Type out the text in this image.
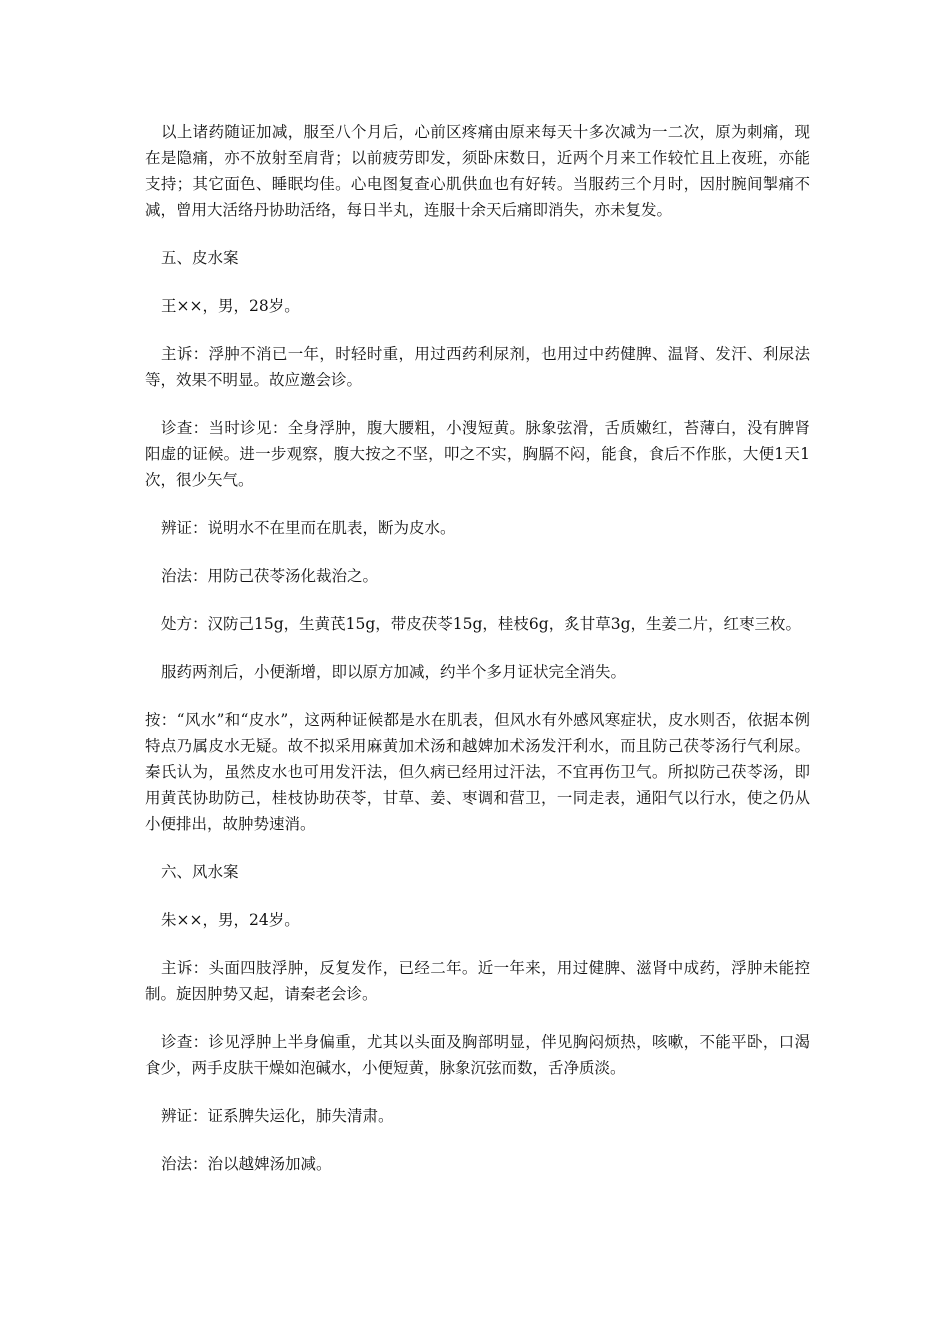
以上诸药随证加减，服至八个月后，心前区疼痛由原来每天十多次减为一二次，原为刺痛，现在是隐痛，亦不放射至肩背；以前疲劳即发，须卧床数日，近两个月来工作较忙且上夜班，亦能支持；其它面色、睡眠均佳。心电图复查心肌供血也有好转。当服药三个月时，因肘腕间掣痛不减，曾用大活络丹协助活络，每日半丸，连服十余天后痛即消失，亦未复发。

五、皮水案

王××，男，28岁。

主诉：浮肿不消已一年，时轻时重，用过西药利尿剂，也用过中药健脾、温肾、发汗、利尿法等，效果不明显。故应邀会诊。

诊查：当时诊见：全身浮肿，腹大腰粗，小溲短黄。脉象弦滑，舌质嫩红，苔薄白，没有脾肾阳虚的证候。进一步观察，腹大按之不坚，叩之不实，胸膈不闷，能食，食后不作胀，大便1天1次，很少矢气。

辨证：说明水不在里而在肌表，断为皮水。

治法：用防己茯苓汤化裁治之。

处方：汉防己15g，生黄芪15g，带皮茯苓15g，桂枝6g，炙甘草3g，生姜二片，红枣三枚。

服药两剂后，小便渐增，即以原方加减，约半个多月证状完全消失。

按：“风水”和“皮水”，这两种证候都是水在肌表，但风水有外感风寒症状，皮水则否，依据本例特点乃属皮水无疑。故不拟采用麻黄加术汤和越婢加术汤发汗利水，而且防己茯苓汤行气利尿。秦氏认为，虽然皮水也可用发汗法，但久病已经用过汗法，不宜再伤卫气。所拟防己茯苓汤，即用黄芪协助防己，桂枝协助茯苓，甘草、姜、枣调和营卫，一同走表，通阳气以行水，使之仍从小便排出，故肿势速消。

六、风水案

朱××，男，24岁。

主诉：头面四肢浮肿，反复发作，已经二年。近一年来，用过健脾、滋肾中成药，浮肿未能控制。旋因肿势又起，请秦老会诊。

诊查：诊见浮肿上半身偏重，尤其以头面及胸部明显，伴见胸闷烦热，咳嗽，不能平卧，口渴食少，两手皮肤干燥如泡碱水，小便短黄，脉象沉弦而数，舌净质淡。

辨证：证系脾失运化，肺失清肃。

治法：治以越婢汤加减。
